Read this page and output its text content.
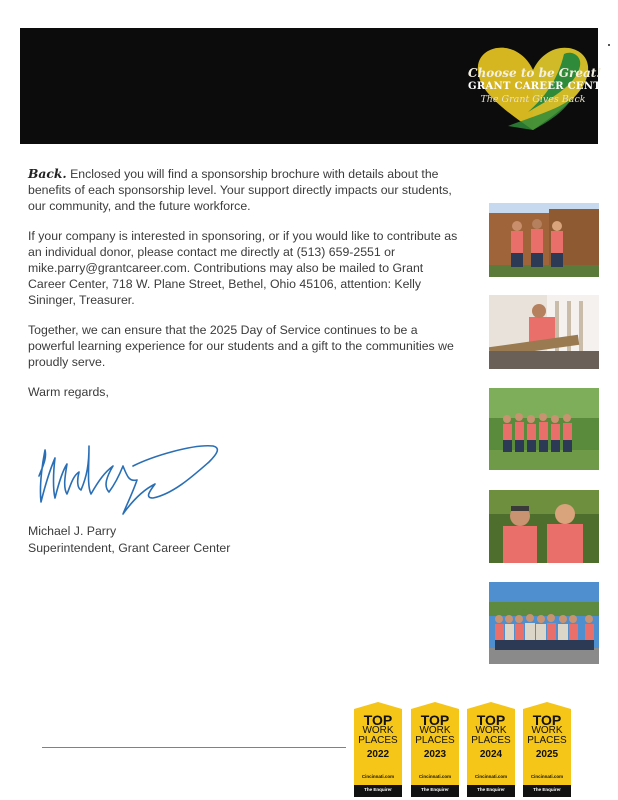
Choose to be Great!
GRANT CAREER CENTER
The Grant Gives Back

Back. Enclosed you will find a sponsorship brochure with details about the benefits of each sponsorship level. Your support directly impacts our students, our community, and the future workforce.

If your company is interested in sponsoring, or if you would like to contribute as an individual donor, please contact me directly at (513) 659-2551 or mike.parry@grantcareer.com. Contributions may also be mailed to Grant Career Center, 718 W. Plane Street, Bethel, Ohio 45106, attention: Kelly Sininger, Treasurer.

Together, we can ensure that the 2025 Day of Service continues to be a powerful learning experience for our students and a gift to the communities we proudly serve.

Warm regards,

Michael J. Parry
Superintendent, Grant Career Center
TOP
WORK
PLACES
2022
Cincinnati.com
The Enquirer
TOP
WORK
PLACES
2023
Cincinnati.com
The Enquirer
TOP
WORK
PLACES
2024
Cincinnati.com
The Enquirer
TOP
WORK
PLACES
2025
Cincinnati.com
The Enquirer
